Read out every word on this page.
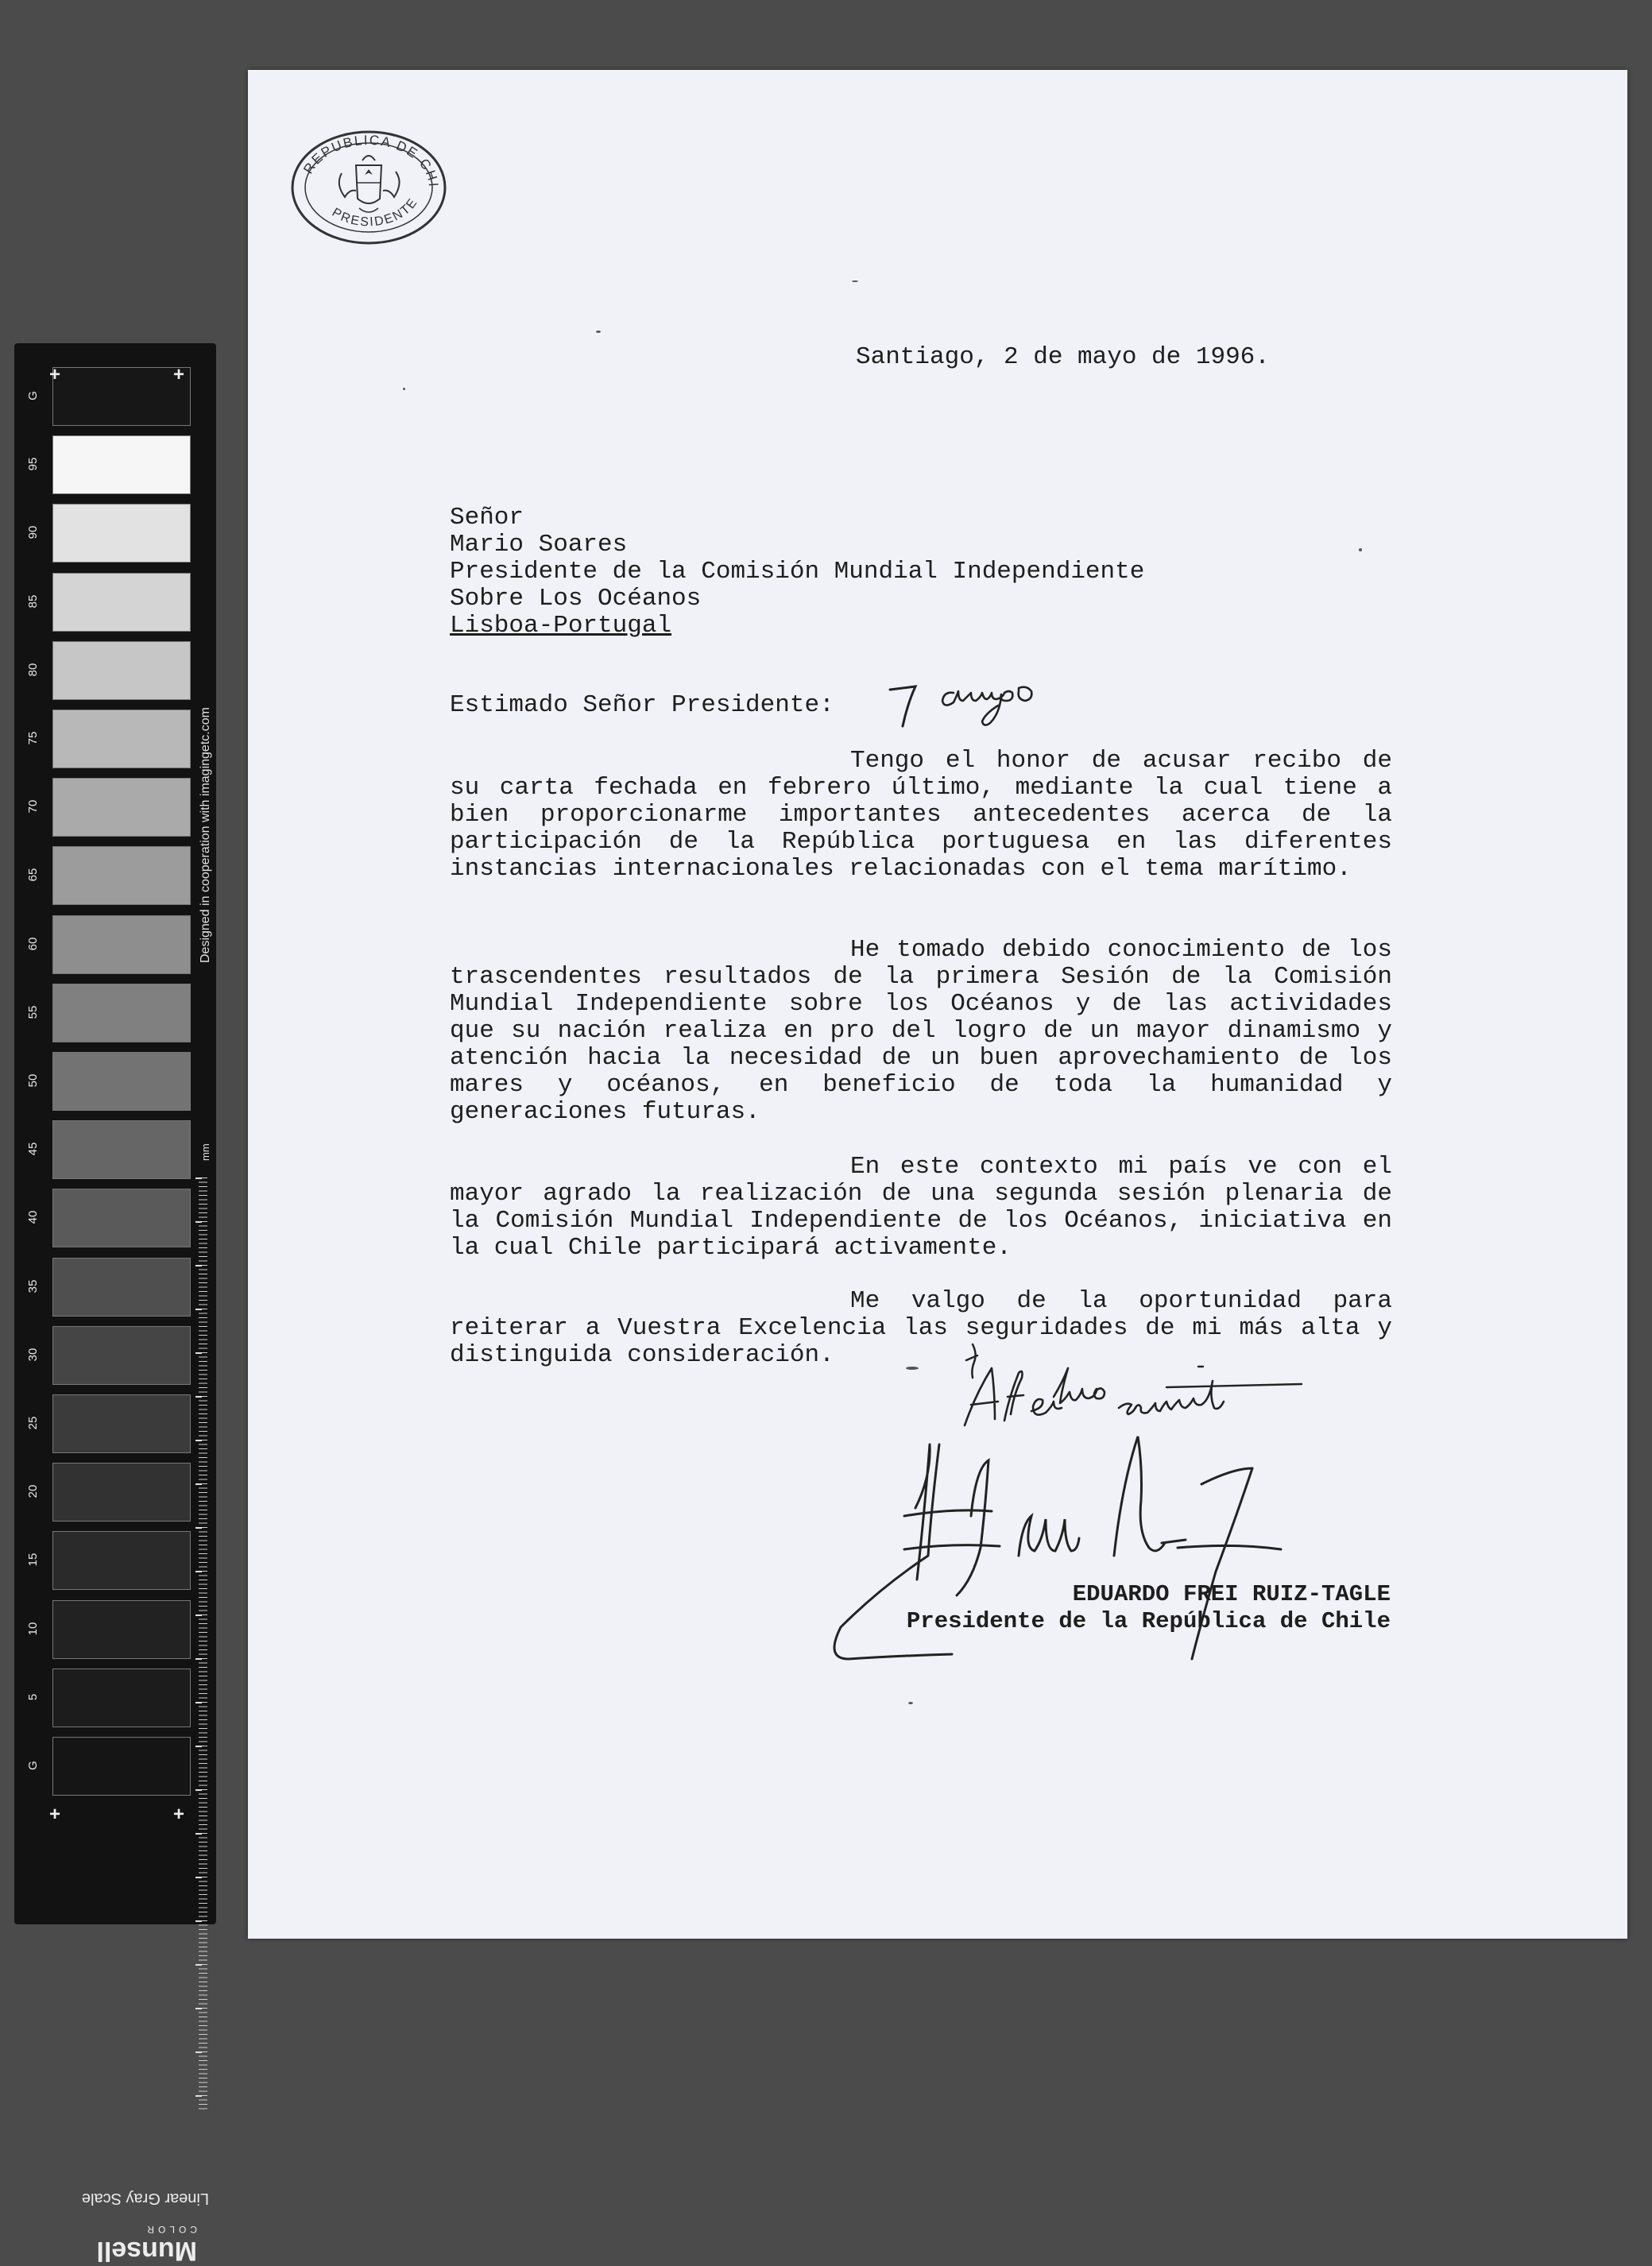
G
95
90
85
80
75
70
65
60
55
50
45
40
35
30
25
20
15
10
5
G
+	+
+	+
mm
Designed in cooperation with imagingetc.com
Linear Gray Scale
Munsell
COLOR
REPUBLICA DE CHI
PRESIDENTE
Santiago, 2 de mayo de 1996.
Señor
Mario Soares
Presidente de la Comisión Mundial Independiente
Sobre Los Océanos
Lisboa-Portugal
Estimado Señor Presidente:
Tengo el honor de acusar recibo de su carta fechada en febrero último, mediante la cual tiene a bien proporcionarme importantes antecedentes acerca de la participación de la República portuguesa en las diferentes instancias internacionales relacionadas con el tema marítimo.
He tomado debido conocimiento de los trascendentes resultados de la primera Sesión de la Comisión Mundial Independiente sobre los Océanos y de las actividades que su nación realiza en pro del logro de un mayor dinamismo y atención hacia la necesidad de un buen aprovechamiento de los mares y océanos, en beneficio de toda la humanidad y generaciones futuras.
En este contexto mi país ve con el mayor agrado la realización de una segunda sesión plenaria de la Comisión Mundial Independiente de los Océanos, iniciativa en la cual Chile participará activamente.
Me valgo de la oportunidad para reiterar a Vuestra Excelencia las seguridades de mi más alta y distinguida consideración.
EDUARDO FREI RUIZ-TAGLE
Presidente de la República de Chile
